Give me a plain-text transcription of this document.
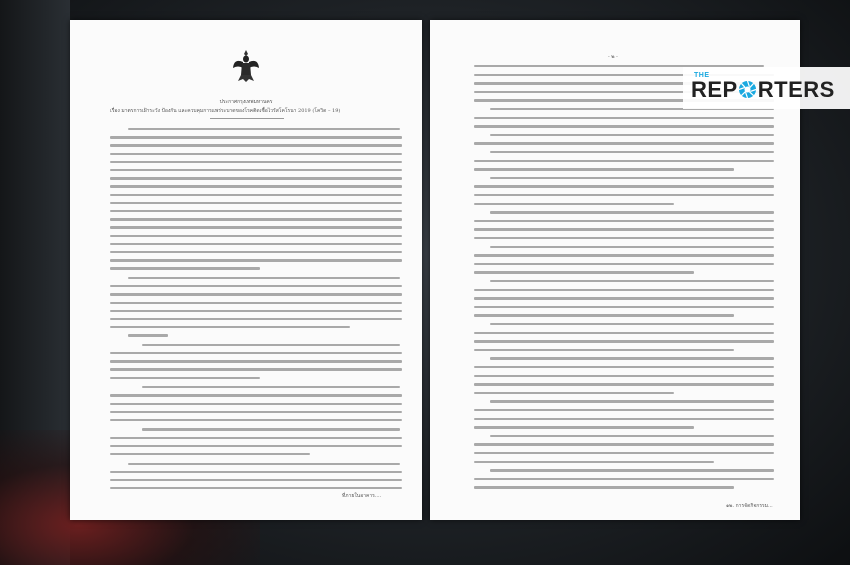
ประกาศกรุงเทพมหานคร
เรื่อง มาตรการเฝ้าระวัง ป้องกัน และควบคุมการแพร่ระบาดของโรคติดเชื้อไวรัสโคโรนา 2019 (โควิด – 19)
ที่ภายในอาคาร....
- ๒ -
๑๒. การจัดกิจกรรม...
THE
REP RTERS
